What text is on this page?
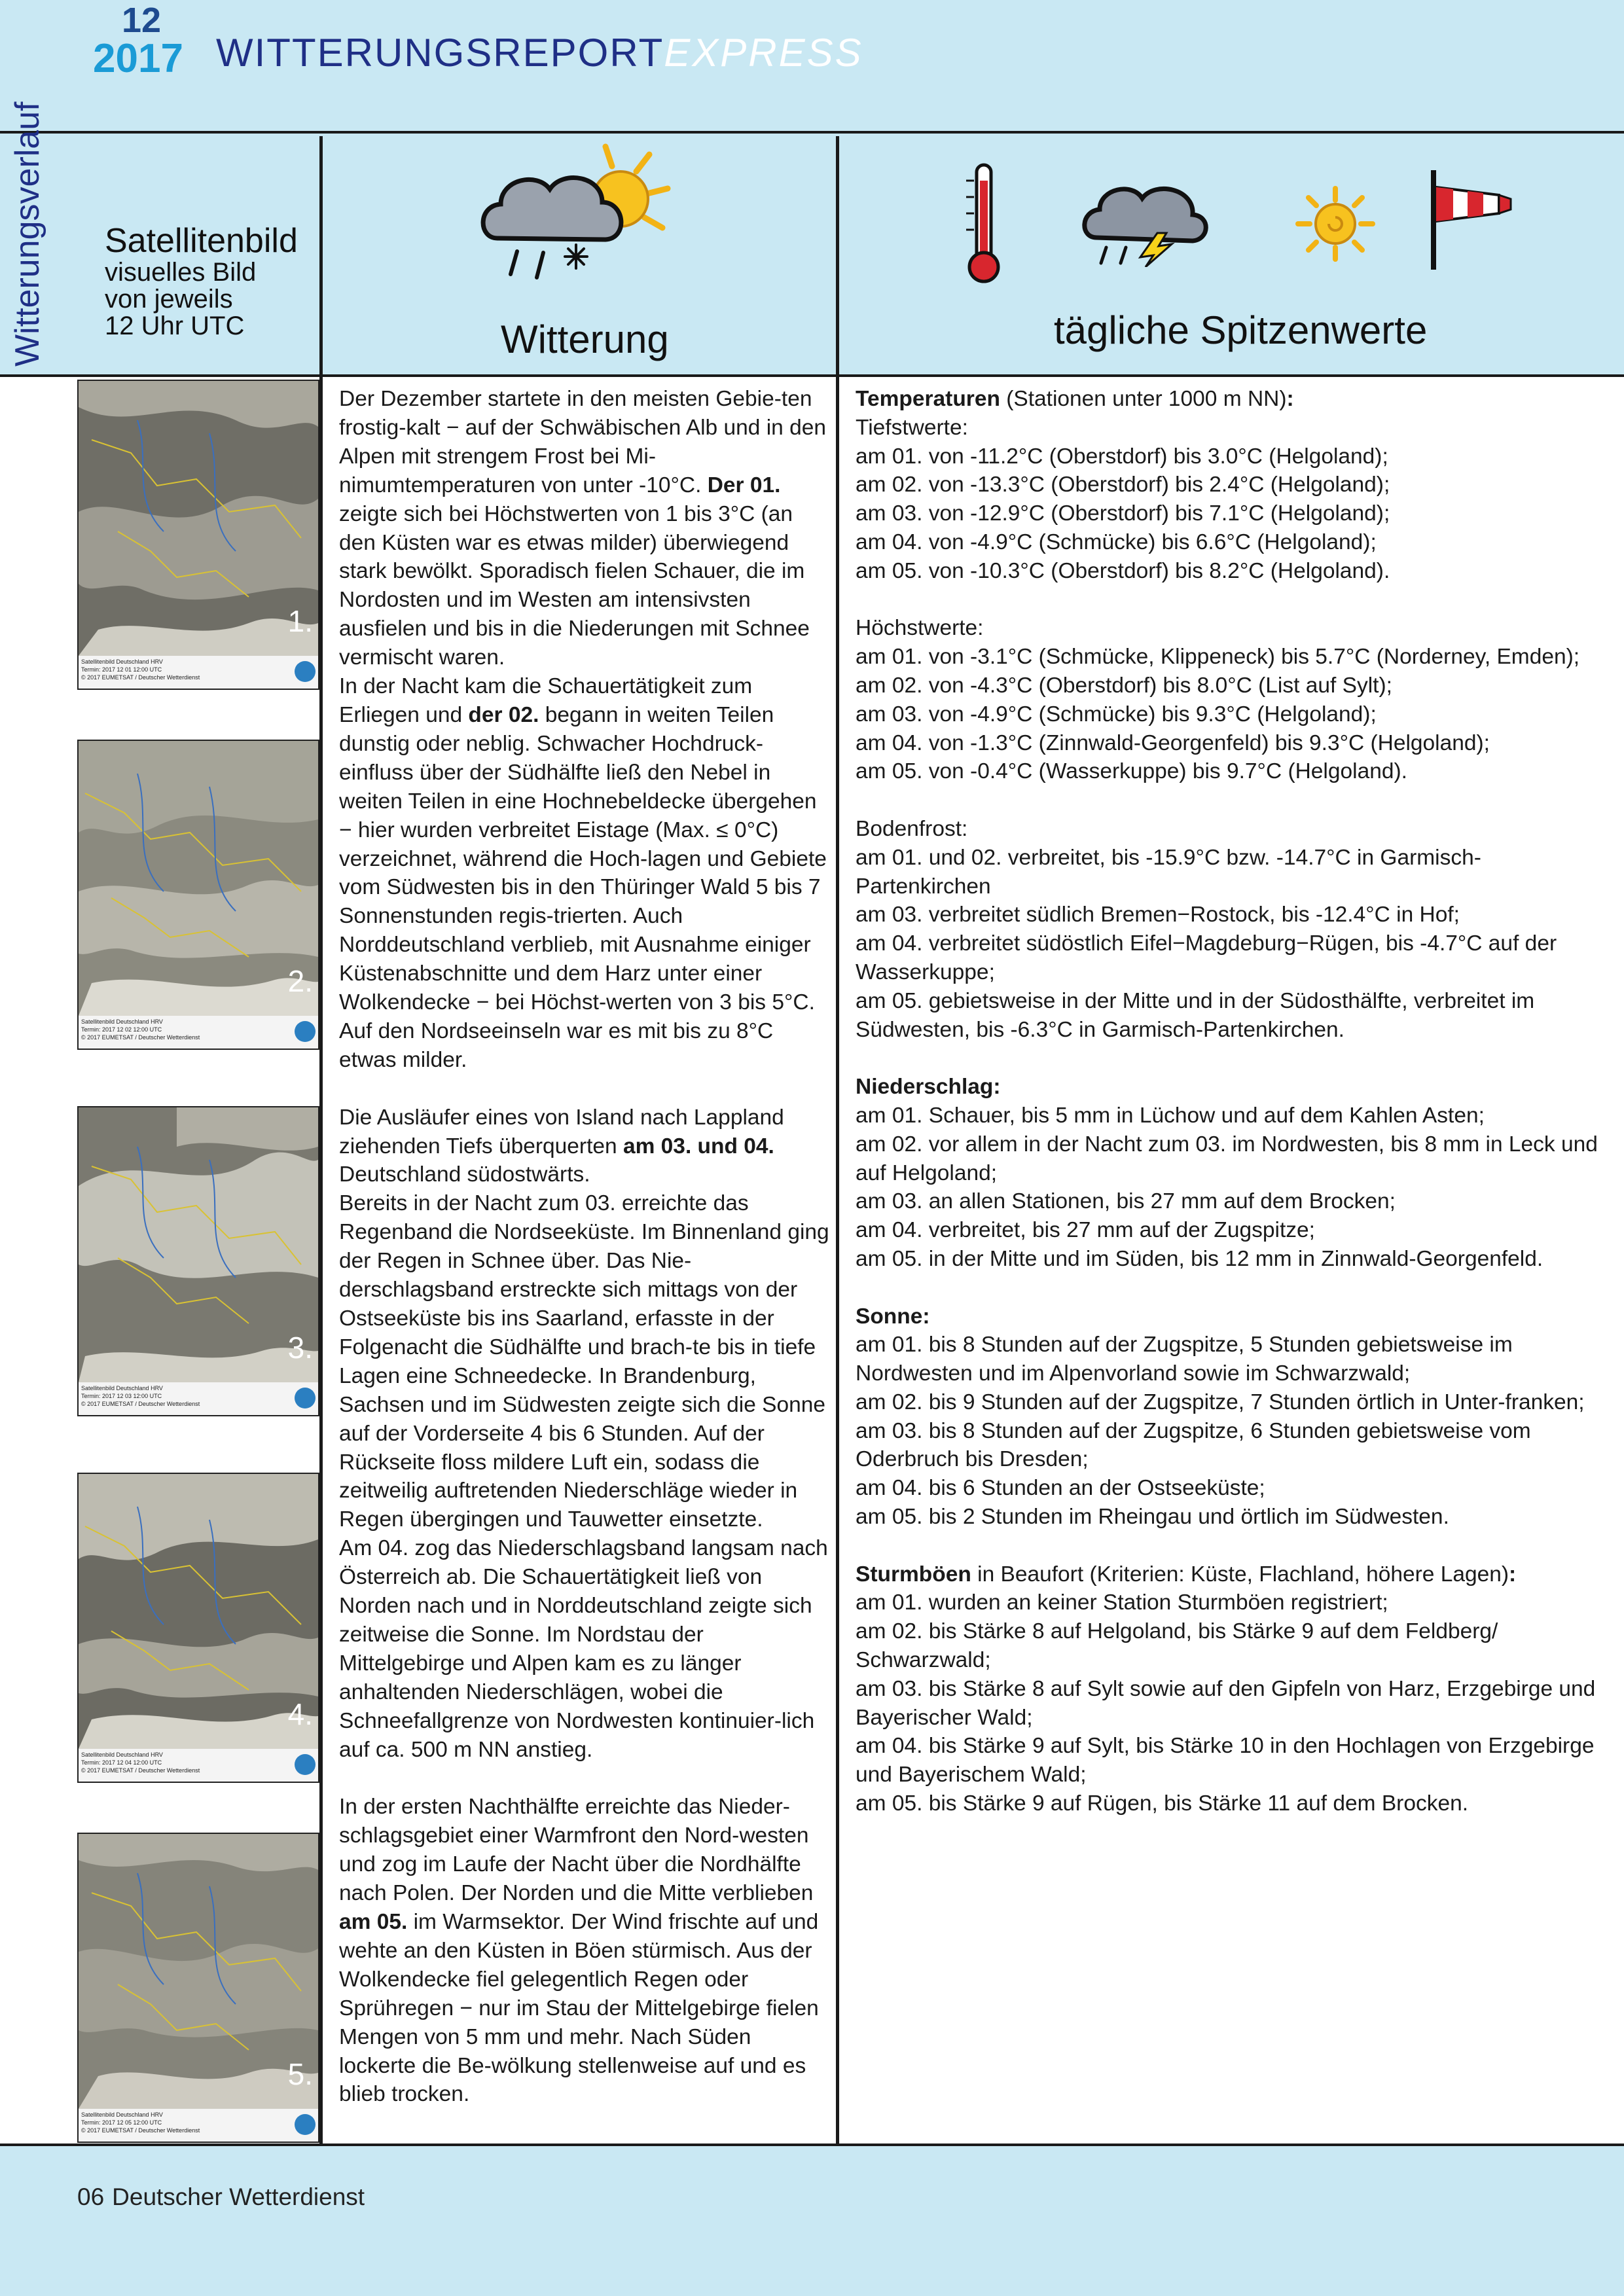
12
2017 WITTERUNGSREPORTEXPRESS
Witterungsverlauf Satellitenbild
visuelles Bild
von jeweils
12 Uhr UTC	Witterung	tägliche Spitzenwerte
1.
Satellitenbild Deutschland HRV
Termin: 2017 12 01 12:00 UTC
© 2017 EUMETSAT / Deutscher Wetterdienst
2.
Satellitenbild Deutschland HRV
Termin: 2017 12 02 12:00 UTC
© 2017 EUMETSAT / Deutscher Wetterdienst
3.
Satellitenbild Deutschland HRV
Termin: 2017 12 03 12:00 UTC
© 2017 EUMETSAT / Deutscher Wetterdienst
4.
Satellitenbild Deutschland HRV
Termin: 2017 12 04 12:00 UTC
© 2017 EUMETSAT / Deutscher Wetterdienst
5.
Satellitenbild Deutschland HRV
Termin: 2017 12 05 12:00 UTC
© 2017 EUMETSAT / Deutscher Wetterdienst

Der Dezember startete in den meisten Gebie-ten frostig-kalt − auf der Schwäbischen Alb und in den Alpen mit strengem Frost bei Mi-nimumtemperaturen von unter -10°C. Der 01. zeigte sich bei Höchstwerten von 1 bis 3°C (an den Küsten war es etwas milder) überwiegend stark bewölkt. Sporadisch fielen Schauer, die im Nordosten und im Westen am intensivsten ausfielen und bis in die Niederungen mit Schnee vermischt waren.

In der Nacht kam die Schauertätigkeit zum Erliegen und der 02. begann in weiten Teilen dunstig oder neblig. Schwacher Hochdruck-einfluss über der Südhälfte ließ den Nebel in weiten Teilen in eine Hochnebeldecke übergehen − hier wurden verbreitet Eistage (Max. ≤ 0°C) verzeichnet, während die Hoch-lagen und Gebiete vom Südwesten bis in den Thüringer Wald 5 bis 7 Sonnenstunden regis-trierten. Auch Norddeutschland verblieb, mit Ausnahme einiger Küstenabschnitte und dem Harz unter einer Wolkendecke − bei Höchst-werten von 3 bis 5°C. Auf den Nordseeinseln war es mit bis zu 8°C etwas milder.

Die Ausläufer eines von Island nach Lappland ziehenden Tiefs überquerten am 03. und 04. Deutschland südostwärts.

Bereits in der Nacht zum 03. erreichte das Regenband die Nordseeküste. Im Binnenland ging der Regen in Schnee über. Das Nie-derschlagsband erstreckte sich mittags von der Ostseeküste bis ins Saarland, erfasste in der Folgenacht die Südhälfte und brach-te bis in tiefe Lagen eine Schneedecke. In Brandenburg, Sachsen und im Südwesten zeigte sich die Sonne auf der Vorderseite 4 bis 6 Stunden. Auf der Rückseite floss mildere Luft ein, sodass die zeitweilig auftretenden Niederschläge wieder in Regen übergingen und Tauwetter einsetzte.

Am 04. zog das Niederschlagsband langsam nach Österreich ab. Die Schauertätigkeit ließ von Norden nach und in Norddeutschland zeigte sich zeitweise die Sonne. Im Nordstau der Mittelgebirge und Alpen kam es zu länger anhaltenden Niederschlägen, wobei die Schneefallgrenze von Nordwesten kontinuier-lich auf ca. 500 m NN anstieg.

In der ersten Nachthälfte erreichte das Nieder-schlagsgebiet einer Warmfront den Nord-westen und zog im Laufe der Nacht über die Nordhälfte nach Polen. Der Norden und die Mitte verblieben am 05. im Warmsektor. Der Wind frischte auf und wehte an den Küsten in Böen stürmisch. Aus der Wolkendecke fiel gelegentlich Regen oder Sprühregen − nur im Stau der Mittelgebirge fielen Mengen von 5 mm und mehr. Nach Süden lockerte die Be-wölkung stellenweise auf und es blieb trocken.

Temperaturen (Stationen unter 1000 m NN):
Tiefstwerte:
am 01. von -11.2°C (Oberstdorf) bis 3.0°C (Helgoland);
am 02. von -13.3°C (Oberstdorf) bis 2.4°C (Helgoland);
am 03. von -12.9°C (Oberstdorf) bis 7.1°C (Helgoland);
am 04. von -4.9°C (Schmücke) bis 6.6°C (Helgoland);
am 05. von -10.3°C (Oberstdorf) bis 8.2°C (Helgoland).
Höchstwerte:
am 01. von -3.1°C (Schmücke, Klippeneck) bis 5.7°C (Norderney, Emden);
am 02. von -4.3°C (Oberstdorf) bis 8.0°C (List auf Sylt);
am 03. von -4.9°C (Schmücke) bis 9.3°C (Helgoland);
am 04. von -1.3°C (Zinnwald-Georgenfeld) bis 9.3°C (Helgoland);
am 05. von -0.4°C (Wasserkuppe) bis 9.7°C (Helgoland).
Bodenfrost:
am 01. und 02. verbreitet, bis -15.9°C bzw. -14.7°C in Garmisch-Partenkirchen
am 03. verbreitet südlich Bremen−Rostock, bis -12.4°C in Hof;
am 04. verbreitet südöstlich Eifel−Magdeburg−Rügen, bis -4.7°C auf der Wasserkuppe;
am 05. gebietsweise in der Mitte und in der Südosthälfte, verbreitet im Südwesten, bis -6.3°C in Garmisch-Partenkirchen.
Niederschlag:
am 01. Schauer, bis 5 mm in Lüchow und auf dem Kahlen Asten;
am 02. vor allem in der Nacht zum 03. im Nordwesten, bis 8 mm in Leck und auf Helgoland;
am 03. an allen Stationen, bis 27 mm auf dem Brocken;
am 04. verbreitet, bis 27 mm auf der Zugspitze;
am 05. in der Mitte und im Süden, bis 12 mm in Zinnwald-Georgenfeld.
Sonne:
am 01. bis 8 Stunden auf der Zugspitze, 5 Stunden gebietsweise im Nordwesten und im Alpenvorland sowie im Schwarzwald;
am 02. bis 9 Stunden auf der Zugspitze, 7 Stunden örtlich in Unter-franken;
am 03. bis 8 Stunden auf der Zugspitze, 6 Stunden gebietsweise vom Oderbruch bis Dresden;
am 04. bis 6 Stunden an der Ostseeküste;
am 05. bis 2 Stunden im Rheingau und örtlich im Südwesten.
Sturmböen in Beaufort (Kriterien: Küste, Flachland, höhere Lagen):
am 01. wurden an keiner Station Sturmböen registriert;
am 02. bis Stärke 8 auf Helgoland, bis Stärke 9 auf dem Feldberg/ Schwarzwald;
am 03. bis Stärke 8 auf Sylt sowie auf den Gipfeln von Harz, Erzgebirge und Bayerischer Wald;
am 04. bis Stärke 9 auf Sylt, bis Stärke 10 in den Hochlagen von Erzgebirge und Bayerischem Wald;
am 05. bis Stärke 9 auf Rügen, bis Stärke 11 auf dem Brocken.
06 Deutscher Wetterdienst
